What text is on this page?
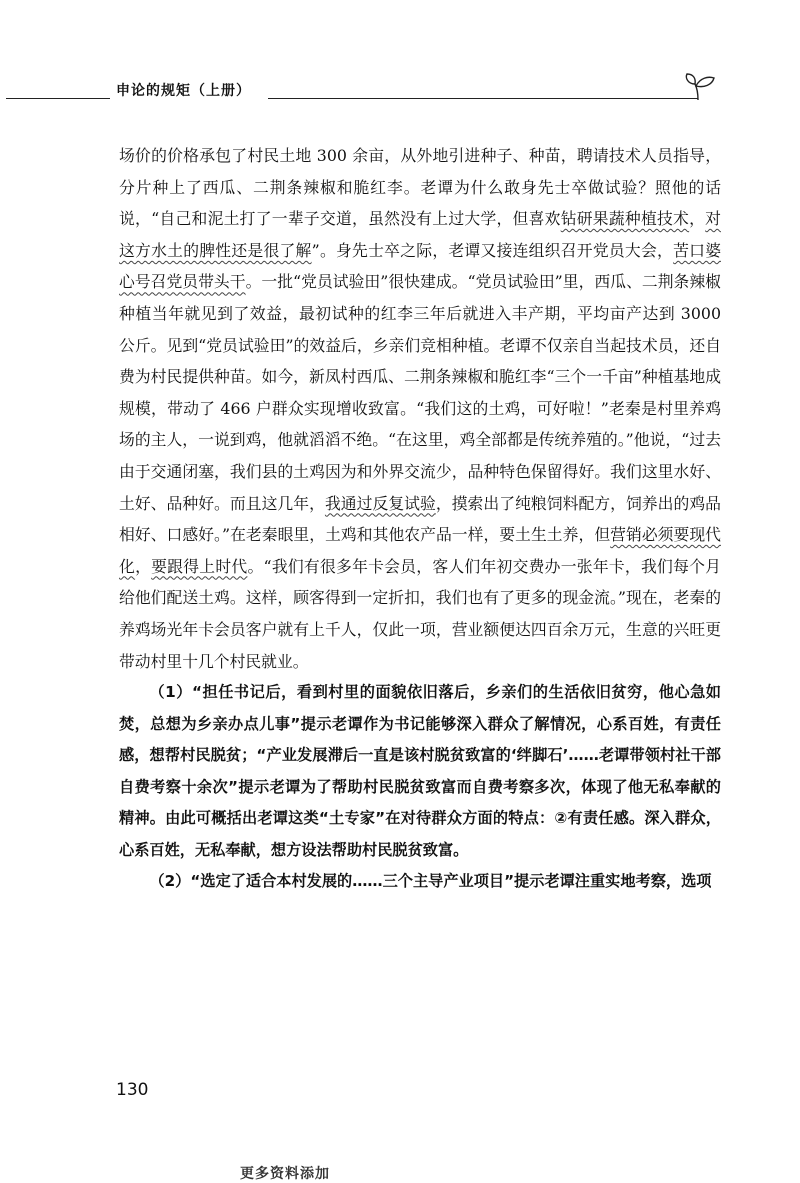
申论的规矩（上册）

场价的价格承包了村民土地 300 余亩，从外地引进种子、种苗，聘请技术人员指导，分片种上了西瓜、二荆条辣椒和脆红李。老谭为什么敢身先士卒做试验？照他的话说，“自己和泥土打了一辈子交道，虽然没有上过大学，但喜欢钻研果蔬种植技术，对这方水土的脾性还是很了解”。身先士卒之际，老谭又接连组织召开党员大会，苦口婆心号召党员带头干。一批“党员试验田”很快建成。“党员试验田”里，西瓜、二荆条辣椒种植当年就见到了效益，最初试种的红李三年后就进入丰产期，平均亩产达到 3000 公斤。见到“党员试验田”的效益后，乡亲们竞相种植。老谭不仅亲自当起技术员，还自费为村民提供种苗。如今，新凤村西瓜、二荆条辣椒和脆红李“三个一千亩”种植基地成规模，带动了 466 户群众实现增收致富。“我们这的土鸡，可好啦！”老秦是村里养鸡场的主人，一说到鸡，他就滔滔不绝。“在这里，鸡全部都是传统养殖的。”他说，“过去由于交通闭塞，我们县的土鸡因为和外界交流少，品种特色保留得好。我们这里水好、土好、品种好。而且这几年，我通过反复试验，摸索出了纯粮饲料配方，饲养出的鸡品相好、口感好。”在老秦眼里，土鸡和其他农产品一样，要土生土养，但营销必须要现代化，要跟得上时代。“我们有很多年卡会员，客人们年初交费办一张年卡，我们每个月给他们配送土鸡。这样，顾客得到一定折扣，我们也有了更多的现金流。”现在，老秦的养鸡场光年卡会员客户就有上千人，仅此一项，营业额便达四百余万元，生意的兴旺更带动村里十几个村民就业。

（1）“担任书记后，看到村里的面貌依旧落后，乡亲们的生活依旧贫穷，他心急如焚，总想为乡亲办点儿事”提示老谭作为书记能够深入群众了解情况，心系百姓，有责任感，想帮村民脱贫；“产业发展滞后一直是该村脱贫致富的‘绊脚石’……老谭带领村社干部自费考察十余次”提示老谭为了帮助村民脱贫致富而自费考察多次，体现了他无私奉献的精神。由此可概括出老谭这类“土专家”在对待群众方面的特点：②有责任感。深入群众，心系百姓，无私奉献，想方设法帮助村民脱贫致富。

（2）“选定了适合本村发展的……三个主导产业项目”提示老谭注重实地考察，选项

130
更多资料添加
